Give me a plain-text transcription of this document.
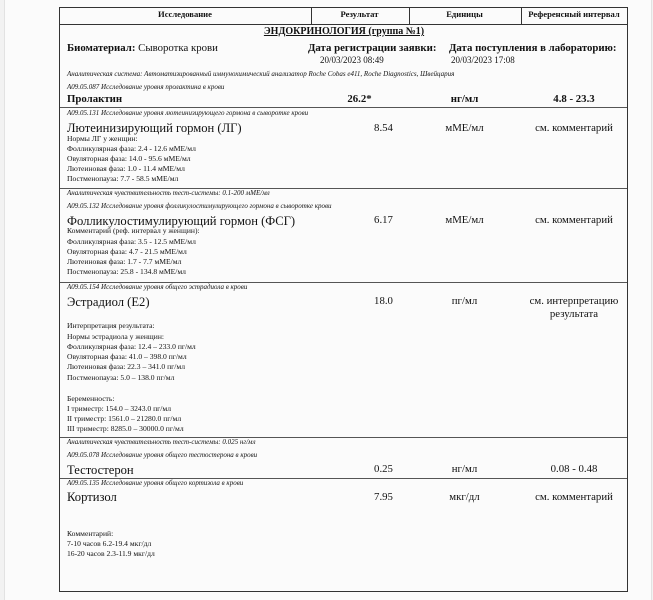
Исследование	Результат	Единицы	Референсный интервал
ЭНДОКРИНОЛОГИЯ (группа №1)
Биоматериал: Сыворотка крови	Дата регистрации заявки:
20/03/2023 08:49
Дата поступления в лабораторию:
20/03/2023 17:08
Аналитическая система: Автоматизированный иммунохимический анализатор Roche Cobas e411, Roche Diagnostics, Швейцария
A09.05.087 Исследование уровня пролактина в крови
Пролактин	26.2*	нг/мл	4.8 - 23.3
A09.05.131 Исследование уровня лютеинизирующего гормона в сыворотке крови
Лютеинизирующий гормон (ЛГ)	8.54	мМЕ/мл	см. комментарий
Нормы ЛГ у женщин:
Фолликулярная фаза: 2.4 - 12.6 мМЕ/мл
Овуляторная фаза: 14.0 - 95.6 мМЕ/мл
Лютеиновая фаза: 1.0 - 11.4 мМЕ/мл
Постменопауза: 7.7 - 58.5 мМЕ/мл
Аналитическая чувствительность тест-системы: 0.1-200 мМЕ/мл
A09.05.132 Исследование уровня фолликулостимулирующего гормона в сыворотке крови
Фолликулостимулирующий гормон (ФСГ)	6.17	мМЕ/мл	см. комментарий
Комментарий (реф. интервал у женщин):
Фолликулярная фаза: 3.5 - 12.5 мМЕ/мл
Овуляторная фаза: 4.7 - 21.5 мМЕ/мл
Лютеиновая фаза: 1.7 - 7.7 мМЕ/мл
Постменопауза: 25.8 - 134.8 мМЕ/мл
A09.05.154 Исследование уровня общего эстрадиола в крови
Эстрадиол (Е2)	18.0	пг/мл	см. интерпретацию
результата
Интерпретация результата:
Нормы эстрадиола у женщин:
Фолликулярная фаза: 12.4 – 233.0 пг/мл
Овуляторная фаза: 41.0 – 398.0 пг/мл
Лютеиновая фаза: 22.3 – 341.0 пг/мл
Постменопауза: 5.0 – 138.0 пг/мл
Беременность:
I триместр: 154.0 – 3243.0 пг/мл
II триместр: 1561.0 – 21280.0 пг/мл
III триместр: 8285.0 – 30000.0 пг/мл
Аналитическая чувствительность тест-системы: 0.025 нг/мл
A09.05.078 Исследование уровня общего тестостерона в крови
Тестостерон	0.25	нг/мл	0.08 - 0.48
A09.05.135 Исследование уровня общего кортизола в крови
Кортизол	7.95	мкг/дл	см. комментарий
Комментарий:
7-10 часов 6.2-19.4 мкг/дл
16-20 часов 2.3-11.9 мкг/дл
